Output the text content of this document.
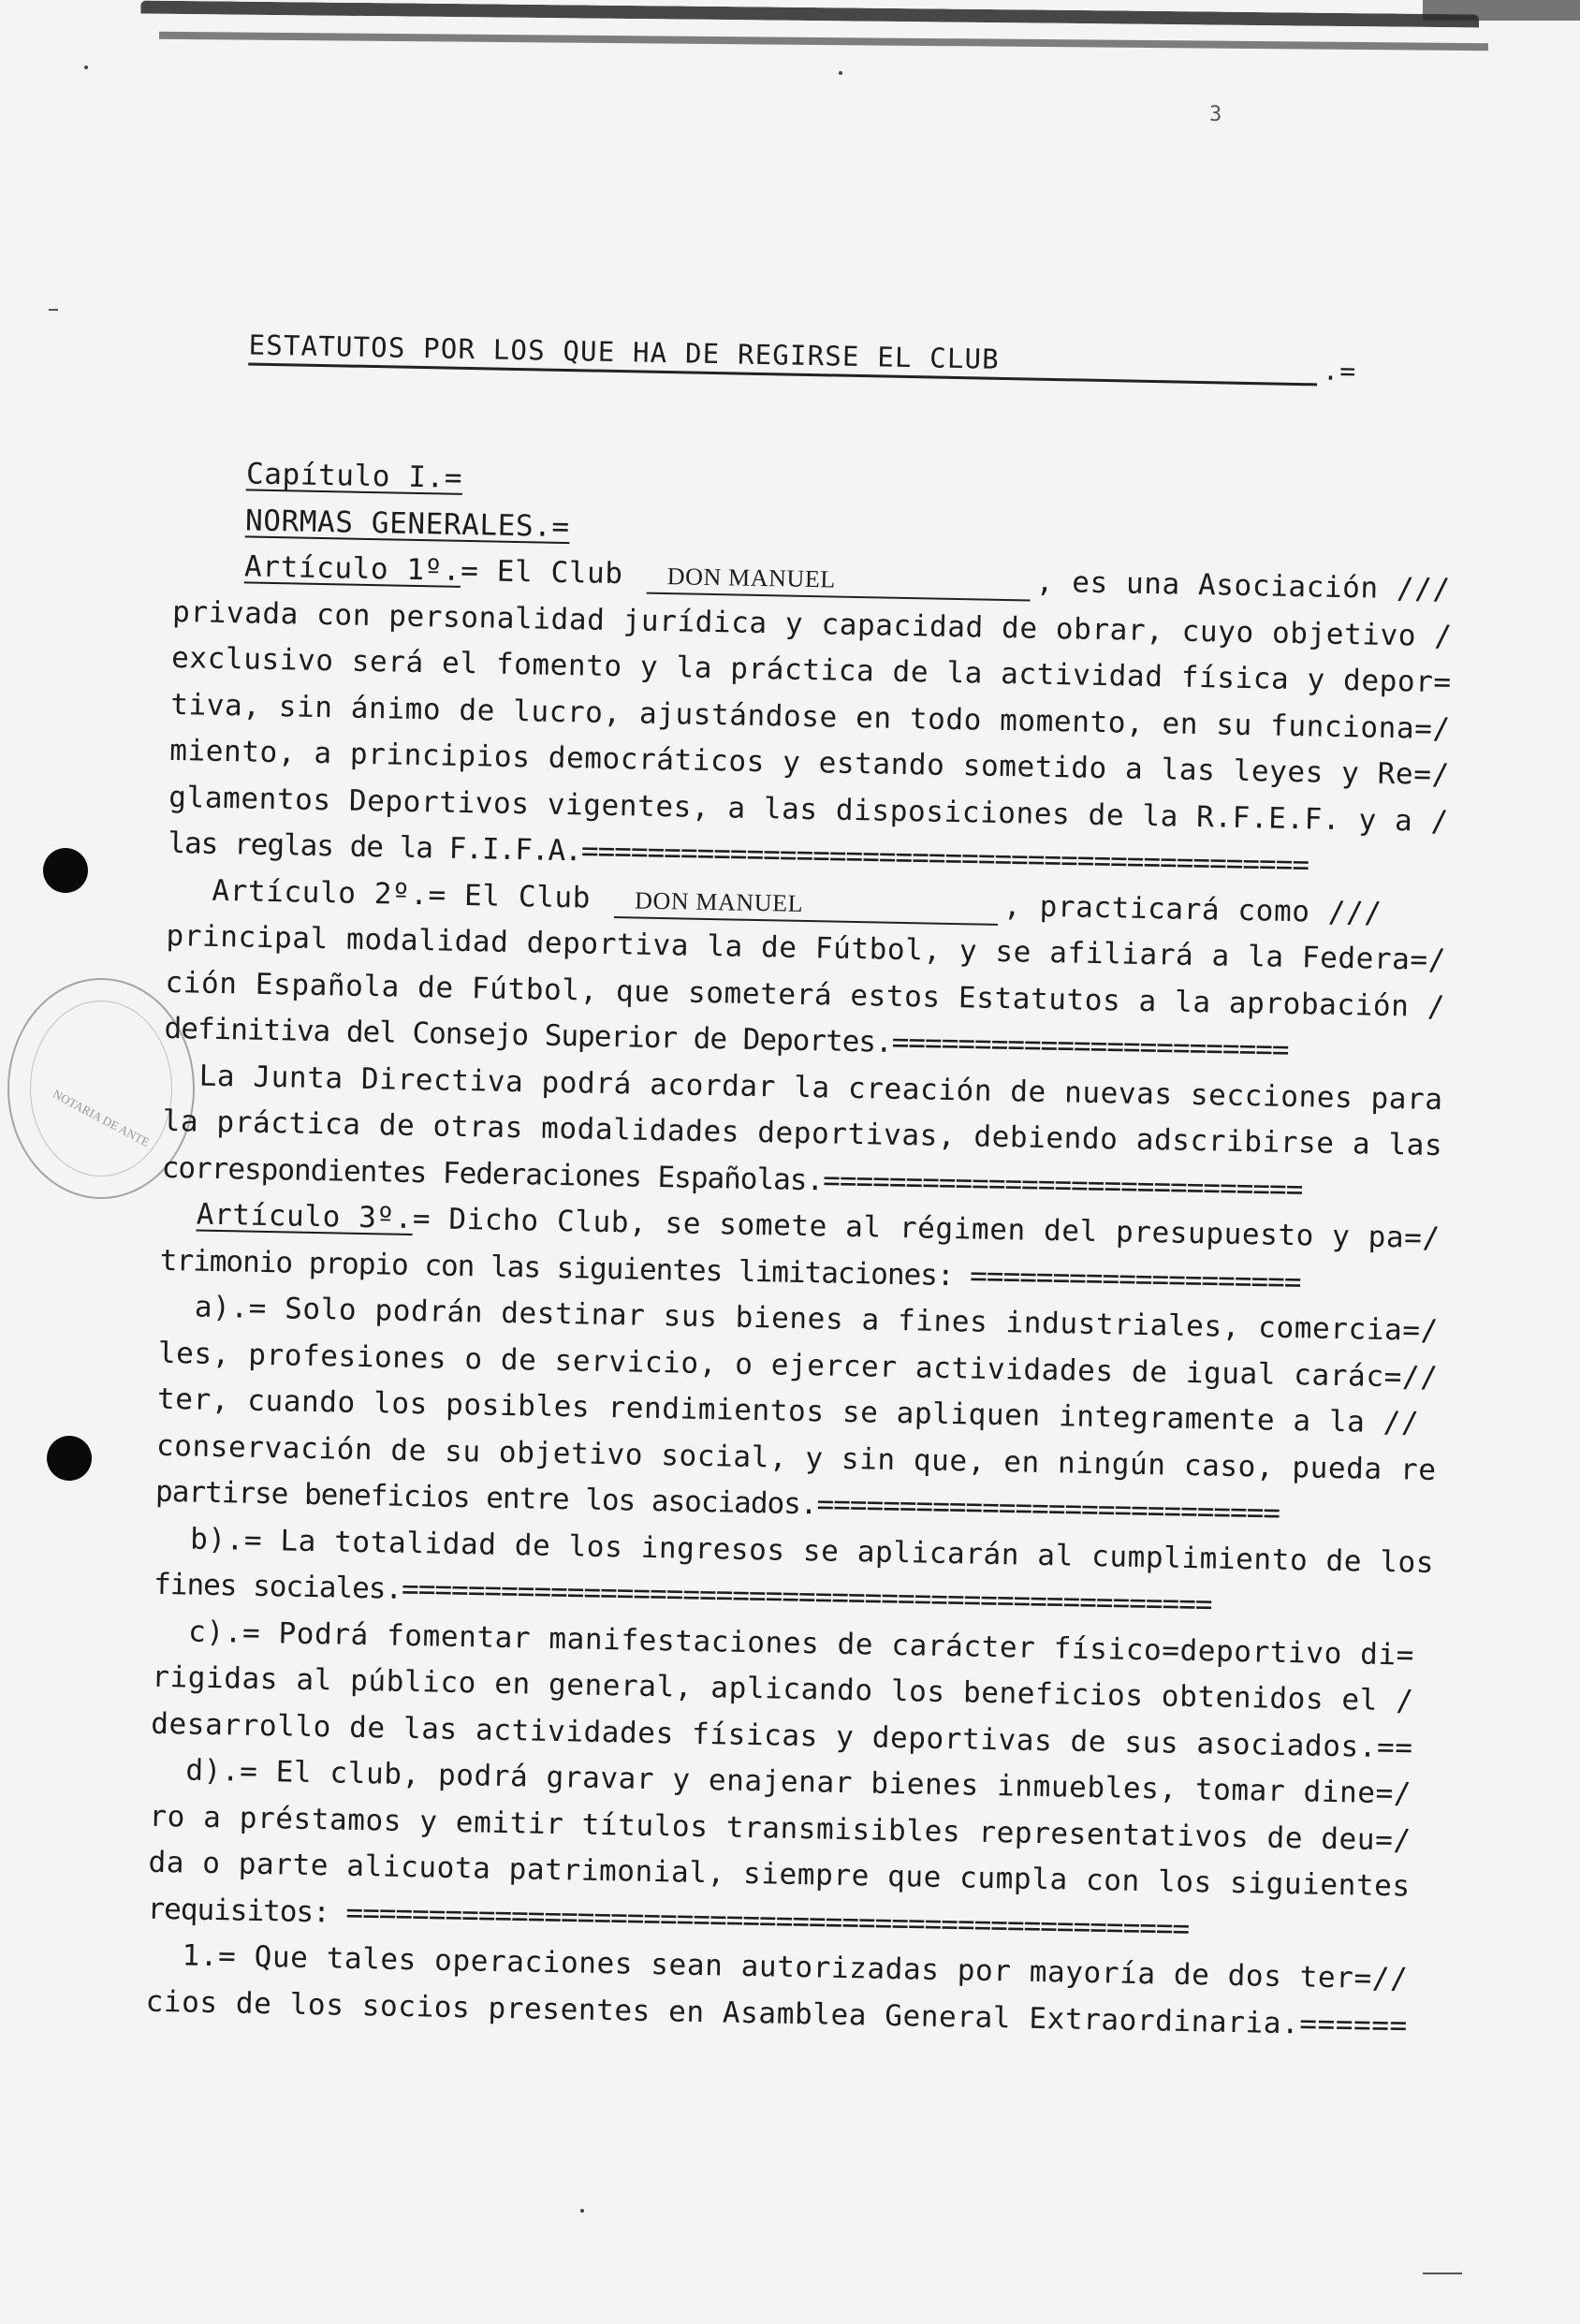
3
NOTARIA DE ANTE
ESTATUTOS POR LOS QUE HA DE REGIRSE EL CLUB	.=
Capítulo I.=
NORMAS GENERALES.=
Artículo 1º.= El Club DON MANUEL	, es una Asociación ///
privada con personalidad jurídica y capacidad de obrar, cuyo objetivo /
exclusivo será el fomento y la práctica de la actividad física y depor=
tiva, sin ánimo de lucro, ajustándose en todo momento, en su funciona=/
miento, a principios democráticos y estando sometido a las leyes y Re=/
glamentos Deportivos vigentes, a las disposiciones de la R.F.E.F. y a /
las reglas de la F.I.F.A.============================================
Artículo 2º.= El Club DON MANUEL	, practicará como ///
principal modalidad deportiva la de Fútbol, y se afiliará a la Federa=/
ción Española de Fútbol, que someterá estos Estatutos a la aprobación /
definitiva del Consejo Superior de Deportes.========================
La Junta Directiva podrá acordar la creación de nuevas secciones para
la práctica de otras modalidades deportivas, debiendo adscribirse a las
correspondientes Federaciones Españolas.=============================
Artículo 3º.= Dicho Club, se somete al régimen del presupuesto y pa=/
trimonio propio con las siguientes limitaciones: ====================
a).= Solo podrán destinar sus bienes a fines industriales, comercia=/
les, profesiones o de servicio, o ejercer actividades de igual carác=//
ter, cuando los posibles rendimientos se apliquen integramente a la //
conservación de su objetivo social, y sin que, en ningún caso, pueda re
partirse beneficios entre los asociados.============================
b).= La totalidad de los ingresos se aplicarán al cumplimiento de los
fines sociales.=================================================
c).= Podrá fomentar manifestaciones de carácter físico=deportivo di=
rigidas al público en general, aplicando los beneficios obtenidos el /
desarrollo de las actividades físicas y deportivas de sus asociados.==
d).= El club, podrá gravar y enajenar bienes inmuebles, tomar dine=/
ro a préstamos y emitir títulos transmisibles representativos de deu=/
da o parte alicuota patrimonial, siempre que cumpla con los siguientes
requisitos: ===================================================
1.= Que tales operaciones sean autorizadas por mayoría de dos ter=//
cios de los socios presentes en Asamblea General Extraordinaria.======
